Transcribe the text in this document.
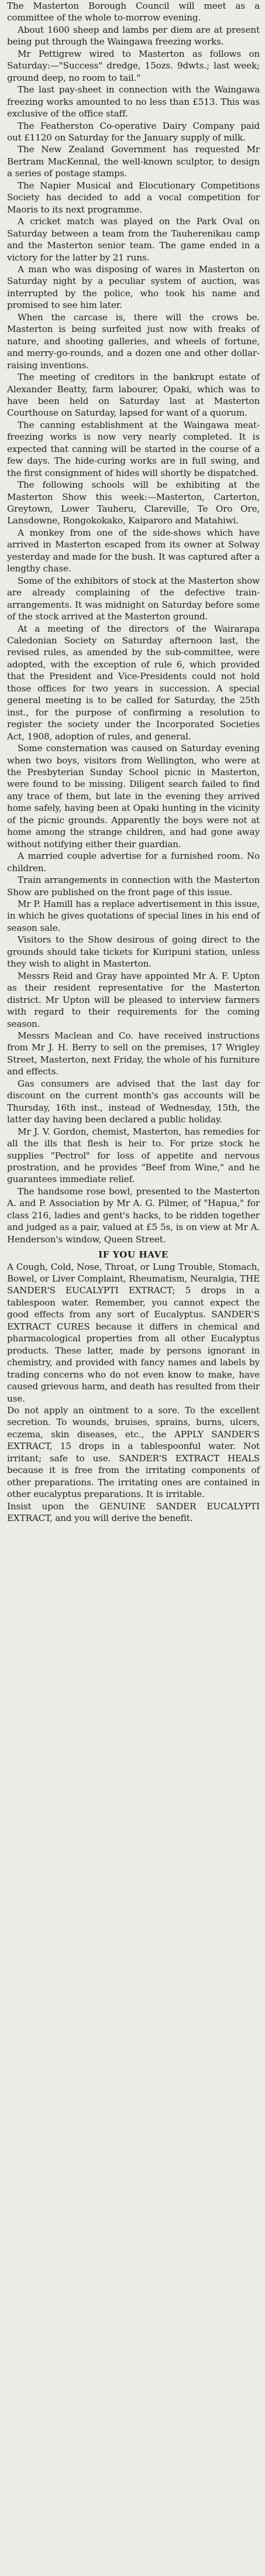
The Masterton Borough Council will meet as a committee of the whole to-morrow evening.

About 1600 sheep and lambs per diem are at present being put through the Waingawa freezing works.

Mr Pettigrew wired to Masterton as follows on Saturday:—"Success" dredge, 15ozs. 9dwts.; last week; ground deep, no room to tail."

The last pay-sheet in connection with the Waingawa freezing works amounted to no less than £513. This was exclusive of the office staff.

The Featherston Co-operative Dairy Company paid out £1120 on Saturday for the January supply of milk.

The New Zealand Government has requested Mr Bertram MacKennal, the well-known sculptor, to design a series of postage stamps.

The Napier Musical and Elocutionary Competitions Society has decided to add a vocal competition for Maoris to its next programme.

A cricket match was played on the Park Oval on Saturday between a team from the Tauherenikau camp and the Masterton senior team. The game ended in a victory for the latter by 21 runs.

A man who was disposing of wares in Masterton on Saturday night by a peculiar system of auction, was interrupted by the police, who took his name and promised to see him later.

When the carcase is, there will the crows be. Masterton is being surfeited just now with freaks of nature, and shooting galleries, and wheels of fortune, and merry-go-rounds, and a dozen one and other dollar-raising inventions.

The meeting of creditors in the bankrupt estate of Alexander Beatty, farm labourer, Opaki, which was to have been held on Saturday last at Masterton Courthouse on Saturday, lapsed for want of a quorum.

The canning establishment at the Waingawa meat-freezing works is now very nearly completed. It is expected that canning will be started in the course of a few days. The hide-curing works are in full swing, and the first consignment of hides will shortly be dispatched.

The following schools will be exhibiting at the Masterton Show this week:—Masterton, Carterton, Greytown, Lower Tauheru, Clareville, Te Oro Ore, Lansdowne, Rongokokako, Kaiparoro and Matahiwi.

A monkey from one of the side-shows which have arrived in Masterton escaped from its owner at Solway yesterday and made for the bush. It was captured after a lengthy chase.

Some of the exhibitors of stock at the Masterton show are already complaining of the defective train-arrangements. It was midnight on Saturday before some of the stock arrived at the Masterton ground.

At a meeting of the directors of the Wairarapa Caledonian Society on Saturday afternoon last, the revised rules, as amended by the sub-committee, were adopted, with the exception of rule 6, which provided that the President and Vice-Presidents could not hold those offices for two years in succession. A special general meeting is to be called for Saturday, the 25th inst., for the purpose of confirming a resolution to register the society under the Incorporated Societies Act, 1908, adoption of rules, and general.

Some consternation was caused on Saturday evening when two boys, visitors from Wellington, who were at the Presbyterian Sunday School picnic in Masterton, were found to be missing. Diligent search failed to find any trace of them, but late in the evening they arrived home safely, having been at Opaki hunting in the vicinity of the picnic grounds. Apparently the boys were not at home among the strange children, and had gone away without notifying either their guardian.

A married couple advertise for a furnished room. No children.

Train arrangements in connection with the Masterton Show are published on the front page of this issue.

Mr P. Hamill has a replace advertisement in this issue, in which he gives quotations of special lines in his end of season sale.

Visitors to the Show desirous of going direct to the grounds should take tickets for Kuripuni station, unless they wish to alight in Masterton.

Messrs Reid and Gray have appointed Mr A. F. Upton as their resident representative for the Masterton district. Mr Upton will be pleased to interview farmers with regard to their requirements for the coming season.

Messrs Maclean and Co. have received instructions from Mr J. H. Berry to sell on the premises, 17 Wrigley Street, Masterton, next Friday, the whole of his furniture and effects.

Gas consumers are advised that the last day for discount on the current month's gas accounts will be Thursday, 16th inst., instead of Wednesday, 15th, the latter day having been declared a public holiday.

Mr J. V. Gordon, chemist, Masterton, has remedies for all the ills that flesh is heir to. For prize stock he supplies "Pectrol" for loss of appetite and nervous prostration, and he provides "Beef from Wine," and he guarantees immediate relief.

The handsome rose bowl, presented to the Masterton A. and P. Association by Mr A. G. Pilmer, of "Hapua," for class 216, ladies and gent's hacks, to be ridden together and judged as a pair, valued at £5 5s, is on view at Mr A. Henderson's window, Queen Street.

IF YOU HAVE

A Cough, Cold, Nose, Throat, or Lung Trouble, Stomach, Bowel, or Liver Complaint, Rheumatism, Neuralgia, THE SANDER'S EUCALYPTI EXTRACT; 5 drops in a tablespoon water. Remember, you cannot expect the good effects from any sort of Eucalyptus. SANDER'S EXTRACT CURES because it differs in chemical and pharmacological properties from all other Eucalyptus products. These latter, made by persons ignorant in chemistry, and provided with fancy names and labels by trading concerns who do not even know to make, have caused grievous harm, and death has resulted from their use.
Do not apply an ointment to a sore. To the excellent secretion. To wounds, bruises, sprains, burns, ulcers, eczema, skin diseases, etc., the APPLY SANDER'S EXTRACT, 15 drops in a tablespoonful water. Not irritant; safe to use. SANDER'S EXTRACT HEALS because it is free from the irritating components of other preparations. The irritating ones are contained in other eucalyptus preparations. It is irritable.
Insist upon the GENUINE SANDER EUCALYPTI EXTRACT, and you will derive the benefit.
